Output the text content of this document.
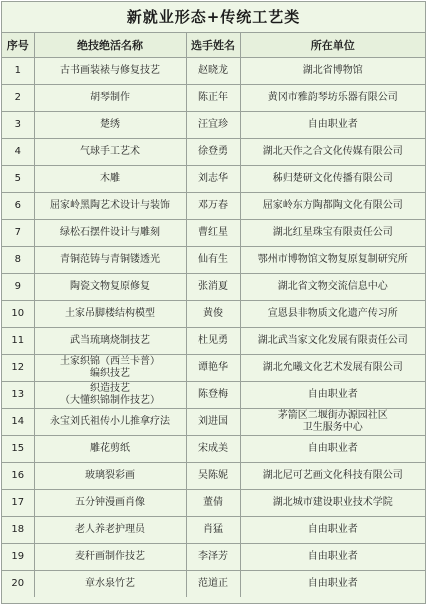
新就业形态+传统工艺类
序号	绝技绝活名称	选手姓名	所在单位
1	古书画装裱与修复技艺	赵晓龙	湖北省博物馆
2	胡琴制作	陈正年	黄冈市雅韵琴坊乐器有限公司
3	楚绣	汪宜珍	自由职业者
4	气球手工艺术	徐登勇	湖北天作之合文化传媒有限公司
5	木雕	刘志华	秭归楚研文化传播有限公司
6	屈家岭黑陶艺术设计与装饰	邓万春	屈家岭东方陶都陶文化有限公司
7	绿松石摆件设计与雕刻	曹红星	湖北红星珠宝有限责任公司
8	青铜范铸与青铜镂透光	仙有生	鄂州市博物馆文物复原复制研究所
9	陶瓷文物复原修复	张消夏	湖北省文物交流信息中心
10	土家吊脚楼结构模型	黄俊	宣恩县非物质文化遗产传习所
11	武当琉璃烧制技艺	杜见勇	湖北武当家文化发展有限责任公司
12	土家织锦（西兰卡普）
编织技艺	谭艳华	湖北允曦文化艺术发展有限公司
13	织造技艺
（大懂织锦制作技艺）	陈登梅	自由职业者
14	永宝刘氏祖传小儿推拿疗法	刘进国	茅箭区二堰街办源园社区
卫生服务中心
15	雕花剪纸	宋成美	自由职业者
16	玻璃裂彩画	吴陈妮	湖北尼可艺画文化科技有限公司
17	五分钟漫画肖像	董倩	湖北城市建设职业技术学院
18	老人养老护理员	肖猛	自由职业者
19	麦秆画制作技艺	李泽芳	自由职业者
20	章水泉竹艺	范道正	自由职业者
